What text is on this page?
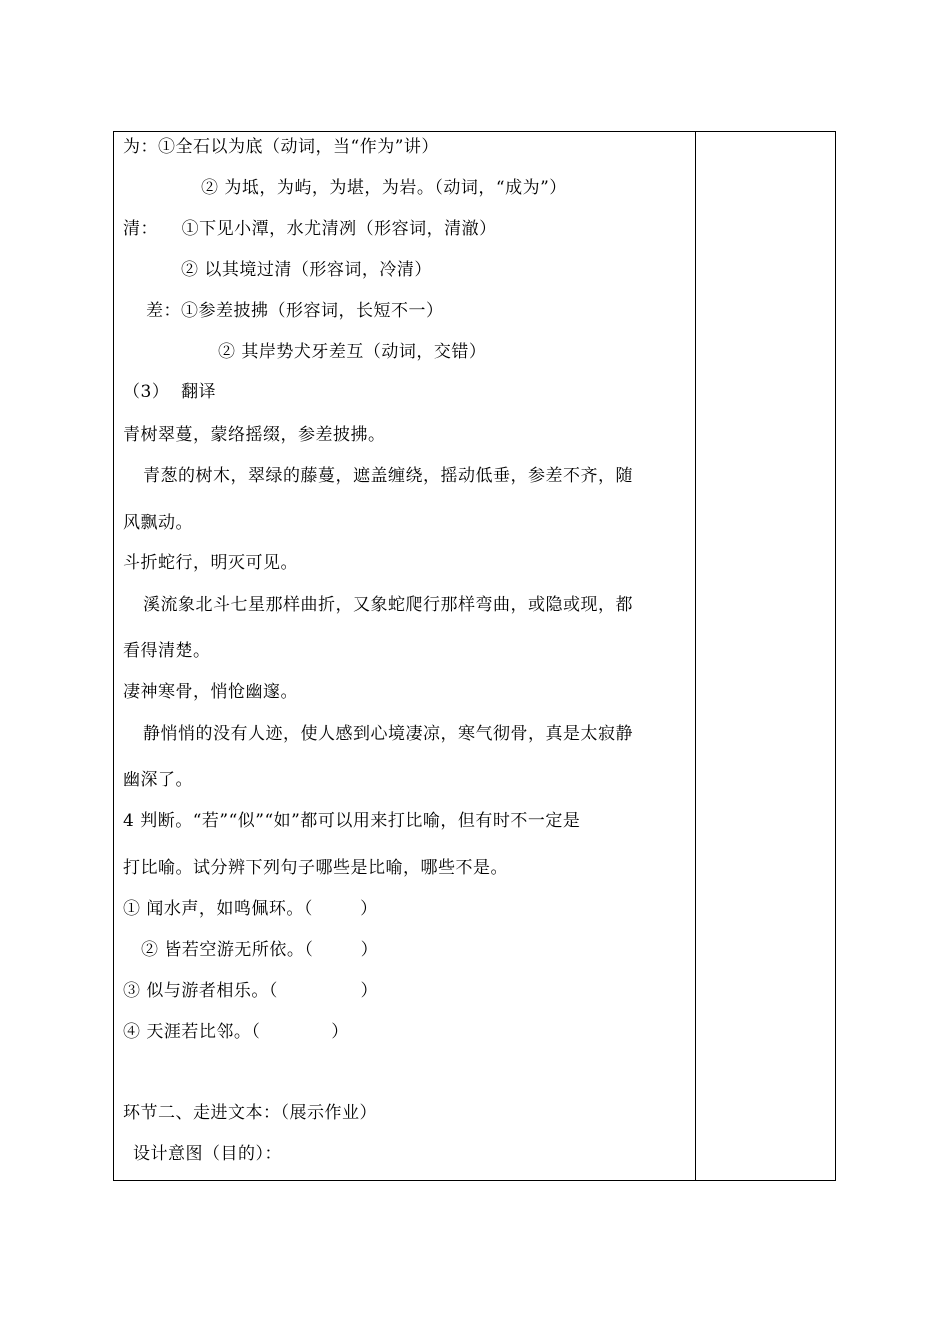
为：①全石以为底（动词，当“作为”讲）
② 为坻，为屿，为堪，为岩。（动词，“成为”）
清：    ①下见小潭，水尤清冽（形容词，清澈）
② 以其境过清（形容词，冷清）
差：①参差披拂（形容词，长短不一）
② 其岸势犬牙差互（动词，交错）
（3）  翻译
青树翠蔓，蒙络摇缀，参差披拂。
青葱的树木，翠绿的藤蔓，遮盖缠绕，摇动低垂，参差不齐，随
风飘动。
斗折蛇行，明灭可见。
溪流象北斗七星那样曲折，又象蛇爬行那样弯曲，或隐或现，都
看得清楚。
凄神寒骨，悄怆幽邃。
静悄悄的没有人迹，使人感到心境凄凉，寒气彻骨，真是太寂静
幽深了。
4 判断。“若”“似”“如”都可以用来打比喻，但有时不一定是
打比喻。试分辨下列句子哪些是比喻，哪些不是。
① 闻水声，如鸣佩环。（        ）
② 皆若空游无所依。（        ）
③ 似与游者相乐。（              ）
④ 天涯若比邻。（            ）
环节二、走进文本：（展示作业）
设计意图（目的）：
